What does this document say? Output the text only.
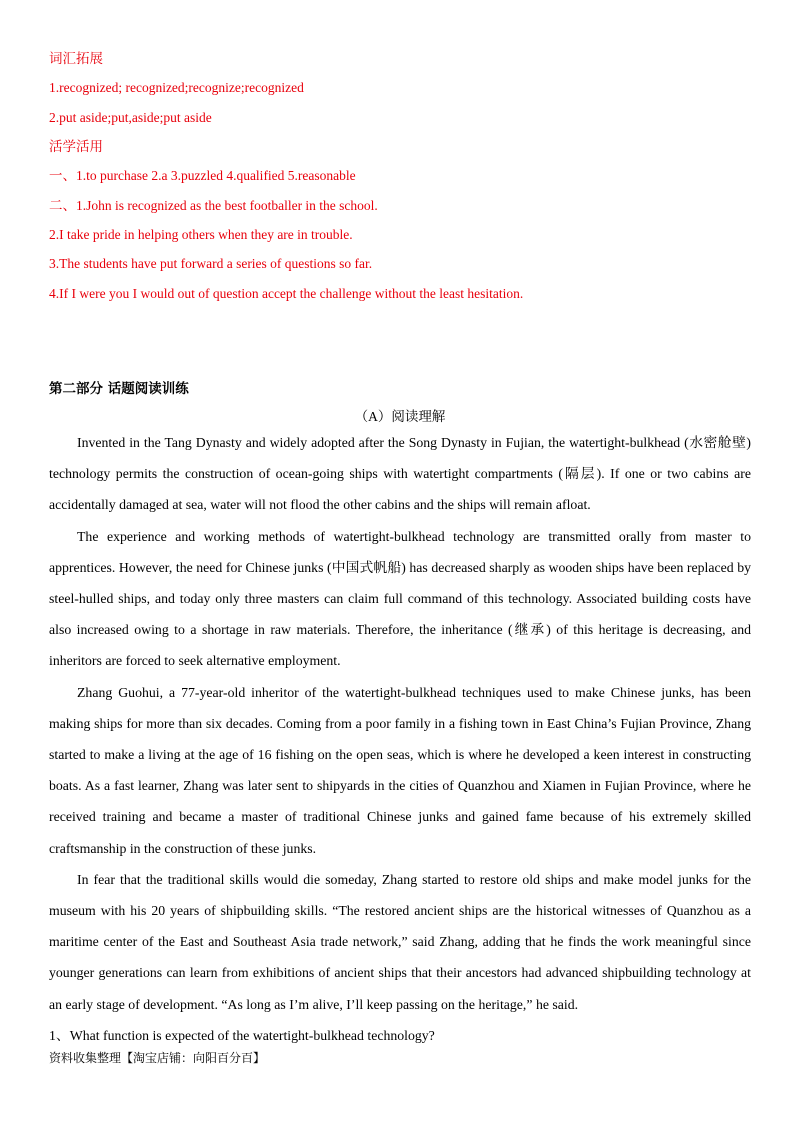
词汇拓展
1.recognized; recognized;recognize;recognized
2.put aside;put,aside;put aside
活学活用
一、1.to purchase 2.a 3.puzzled 4.qualified 5.reasonable
二、1.John is recognized as the best footballer in the school.
2.I take pride in helping others when they are in trouble.
3.The students have put forward a series of questions so far.
4.If I were you I would out of question accept the challenge without the least hesitation.
第二部分 话题阅读训练
（A）阅读理解

Invented in the Tang Dynasty and widely adopted after the Song Dynasty in Fujian, the watertight-bulkhead (水密舱壁) technology permits the construction of ocean-going ships with watertight compartments (隔层). If one or two cabins are accidentally damaged at sea, water will not flood the other cabins and the ships will remain afloat.

The experience and working methods of watertight-bulkhead technology are transmitted orally from master to apprentices. However, the need for Chinese junks (中国式帆船) has decreased sharply as wooden ships have been replaced by steel-hulled ships, and today only three masters can claim full command of this technology. Associated building costs have also increased owing to a shortage in raw materials. Therefore, the inheritance (继承) of this heritage is decreasing, and inheritors are forced to seek alternative employment.

Zhang Guohui, a 77-year-old inheritor of the watertight-bulkhead techniques used to make Chinese junks, has been making ships for more than six decades. Coming from a poor family in a fishing town in East China’s Fujian Province, Zhang started to make a living at the age of 16 fishing on the open seas, which is where he developed a keen interest in constructing boats. As a fast learner, Zhang was later sent to shipyards in the cities of Quanzhou and Xiamen in Fujian Province, where he received training and became a master of traditional Chinese junks and gained fame because of his extremely skilled craftsmanship in the construction of these junks.

In fear that the traditional skills would die someday, Zhang started to restore old ships and make model junks for the museum with his 20 years of shipbuilding skills. “The restored ancient ships are the historical witnesses of Quanzhou as a maritime center of the East and Southeast Asia trade network,” said Zhang, adding that he finds the work meaningful since younger generations can learn from exhibitions of ancient ships that their ancestors had advanced shipbuilding technology at an early stage of development. “As long as I’m alive, I’ll keep passing on the heritage,” he said.

1、What function is expected of the watertight-bulkhead technology?
资料收集整理【淘宝店铺：向阳百分百】
